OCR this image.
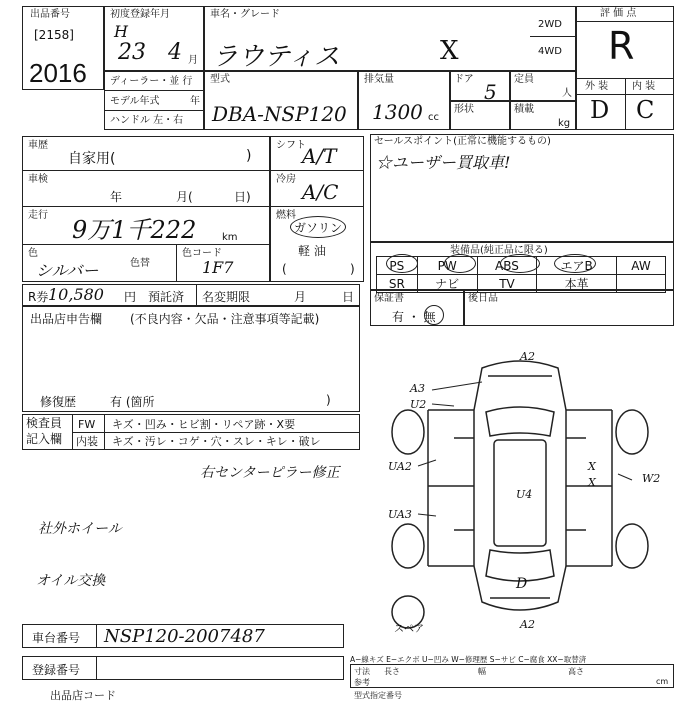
出品番号
[2158]
2016
初度登録年月
H
23 4 月
車名・グレード
ラウティス	X
2WD
4WD
評 価 点
R
外 装 内 装
D C
ディーラー・並 行
モデル年式	年
ハンドル 左・右
型式
DBA-NSP120
排気量
1300 cc
ドア
5
形状
定員
人
積載
kg
車歴
自家用(	)
車検
年	月(	日)
走行
9万1千222	km
色
シルバー	色替
色コード
1F7
シフト
A/T
冷房
A/C
燃料
ガソリン
軽 油
(	)
セールスポイント(正常に機能するもの)
☆ユーザー買取車!
装備品(純正品に限る)
PS	PW	ABS	エアB	AW
SR	ナビ	TV	本革	
保証書
有 ・ 無
後日品
R券 10,580 円 預託済 名変期限	月	日
出品店申告欄 (不良内容・欠品・注意事項等記載)
修復歴	有 (箇所	)
検査員
記入欄
FW キズ・凹み・ヒビ割・リペア跡・X要
内装 キズ・汚レ・コゲ・穴・スレ・キレ・破レ
右センターピラー修正
社外ホイール
オイル交換
A2
A3
U2
UA2
UA3
U4
W2
X
X
D
A2
スペア
車台番号 NSP120-2007487
登録番号
A−線キズ E−エクボ U−凹み W−修理歴 S−サビ C−腐食 XX−取替済
寸法
参考
長さ	幅	高さ
cm
出品店コード	型式指定番号
